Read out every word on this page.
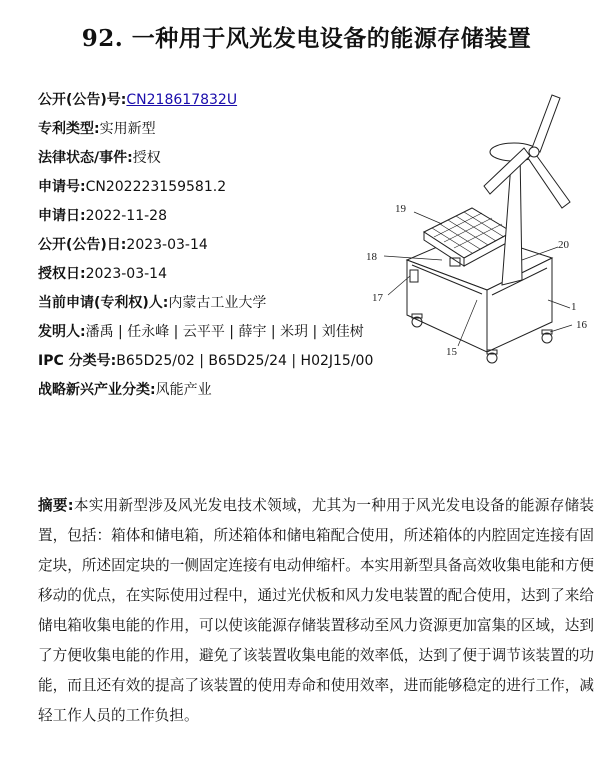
92. 一种用于风光发电设备的能源存储装置
公开(公告)号:CN218617832U
专利类型:实用新型
法律状态/事件:授权
申请号:CN202223159581.2
申请日:2022-11-28
公开(公告)日:2023-03-14
授权日:2023-03-14
当前申请(专利权)人:内蒙古工业大学
发明人:潘禹 | 任永峰 | 云平平 | 薛宇 | 米玥 | 刘佳树
IPC 分类号:B65D25/02 | B65D25/24 | H02J15/00
战略新兴产业分类:风能产业
19
18
20
17
1
16
15
摘要:本实用新型涉及风光发电技术领域，尤其为一种用于风光发电设备的能源存储装置，包括：箱体和储电箱，所述箱体和储电箱配合使用，所述箱体的内腔固定连接有固定块，所述固定块的一侧固定连接有电动伸缩杆。本实用新型具备高效收集电能和方便移动的优点，在实际使用过程中，通过光伏板和风力发电装置的配合使用，达到了来给储电箱收集电能的作用，可以使该能源存储装置移动至风力资源更加富集的区域，达到了方便收集电能的作用，避免了该装置收集电能的效率低，达到了便于调节该装置的功能，而且还有效的提高了该装置的使用寿命和使用效率，进而能够稳定的进行工作，减轻工作人员的工作负担。
